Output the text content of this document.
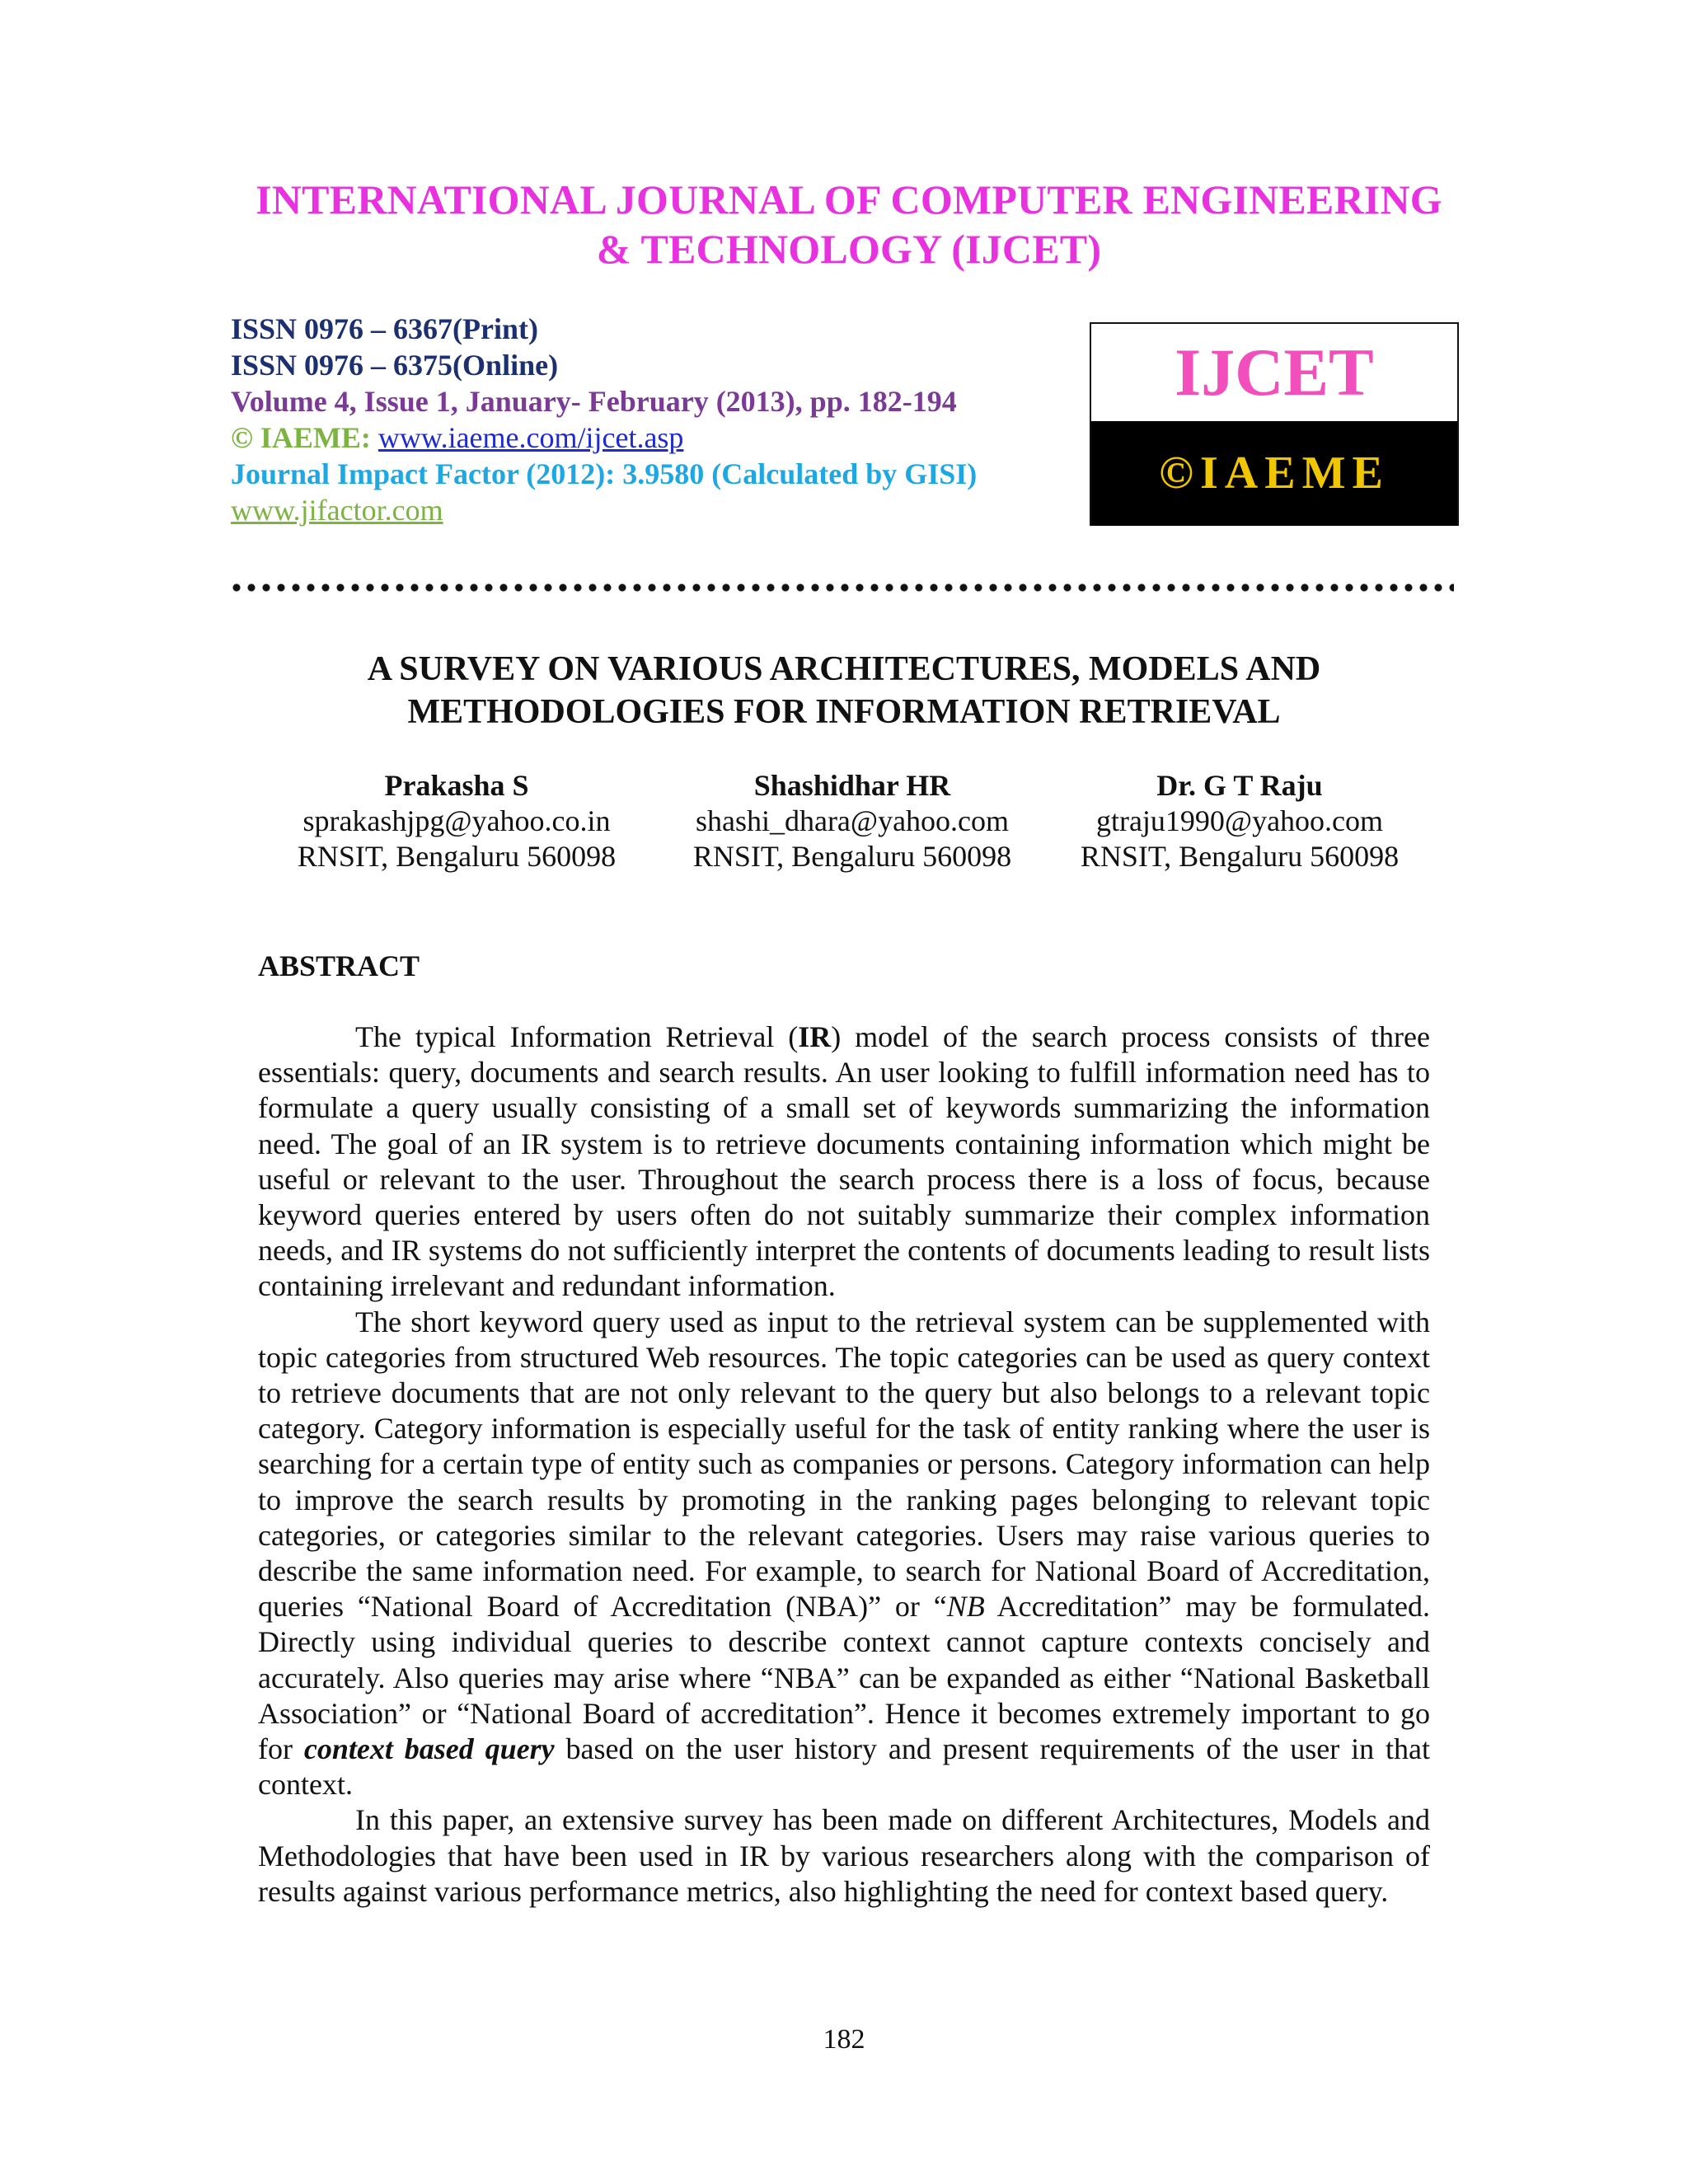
INTERNATIONAL JOURNAL OF COMPUTER ENGINEERING
& TECHNOLOGY (IJCET)
ISSN 0976 – 6367(Print)
ISSN 0976 – 6375(Online)
Volume 4, Issue 1, January- February (2013), pp. 182-194
© IAEME: www.iaeme.com/ijcet.asp
Journal Impact Factor (2012): 3.9580 (Calculated by GISI)
www.jifactor.com
IJCET
©IAEME
A SURVEY ON VARIOUS ARCHITECTURES, MODELS AND
METHODOLOGIES FOR INFORMATION RETRIEVAL
Prakasha S
sprakashjpg@yahoo.co.in
RNSIT, Bengaluru 560098
Shashidhar HR
shashi_dhara@yahoo.com
RNSIT, Bengaluru 560098
Dr. G T Raju
gtraju1990@yahoo.com
RNSIT, Bengaluru 560098
ABSTRACT

The typical Information Retrieval (IR) model of the search process consists of three essentials: query, documents and search results. An user looking to fulfill information need has to formulate a query usually consisting of a small set of keywords summarizing the information need. The goal of an IR system is to retrieve documents containing information which might be useful or relevant to the user. Throughout the search process there is a loss of focus, because keyword queries entered by users often do not suitably summarize their complex information needs, and IR systems do not sufficiently interpret the contents of documents leading to result lists containing irrelevant and redundant information.

The short keyword query used as input to the retrieval system can be supplemented with topic categories from structured Web resources. The topic categories can be used as query context to retrieve documents that are not only relevant to the query but also belongs to a relevant topic category. Category information is especially useful for the task of entity ranking where the user is searching for a certain type of entity such as companies or persons. Category information can help to improve the search results by promoting in the ranking pages belonging to relevant topic categories, or categories similar to the relevant categories. Users may raise various queries to describe the same information need. For example, to search for National Board of Accreditation, queries “National Board of Accreditation (NBA)” or “NB Accreditation” may be formulated. Directly using individual queries to describe context cannot capture contexts concisely and accurately. Also queries may arise where “NBA” can be expanded as either “National Basketball Association” or “National Board of accreditation”. Hence it becomes extremely important to go for context based query based on the user history and present requirements of the user in that context.

In this paper, an extensive survey has been made on different Architectures, Models and Methodologies that have been used in IR by various researchers along with the comparison of results against various performance metrics, also highlighting the need for context based query.

182
